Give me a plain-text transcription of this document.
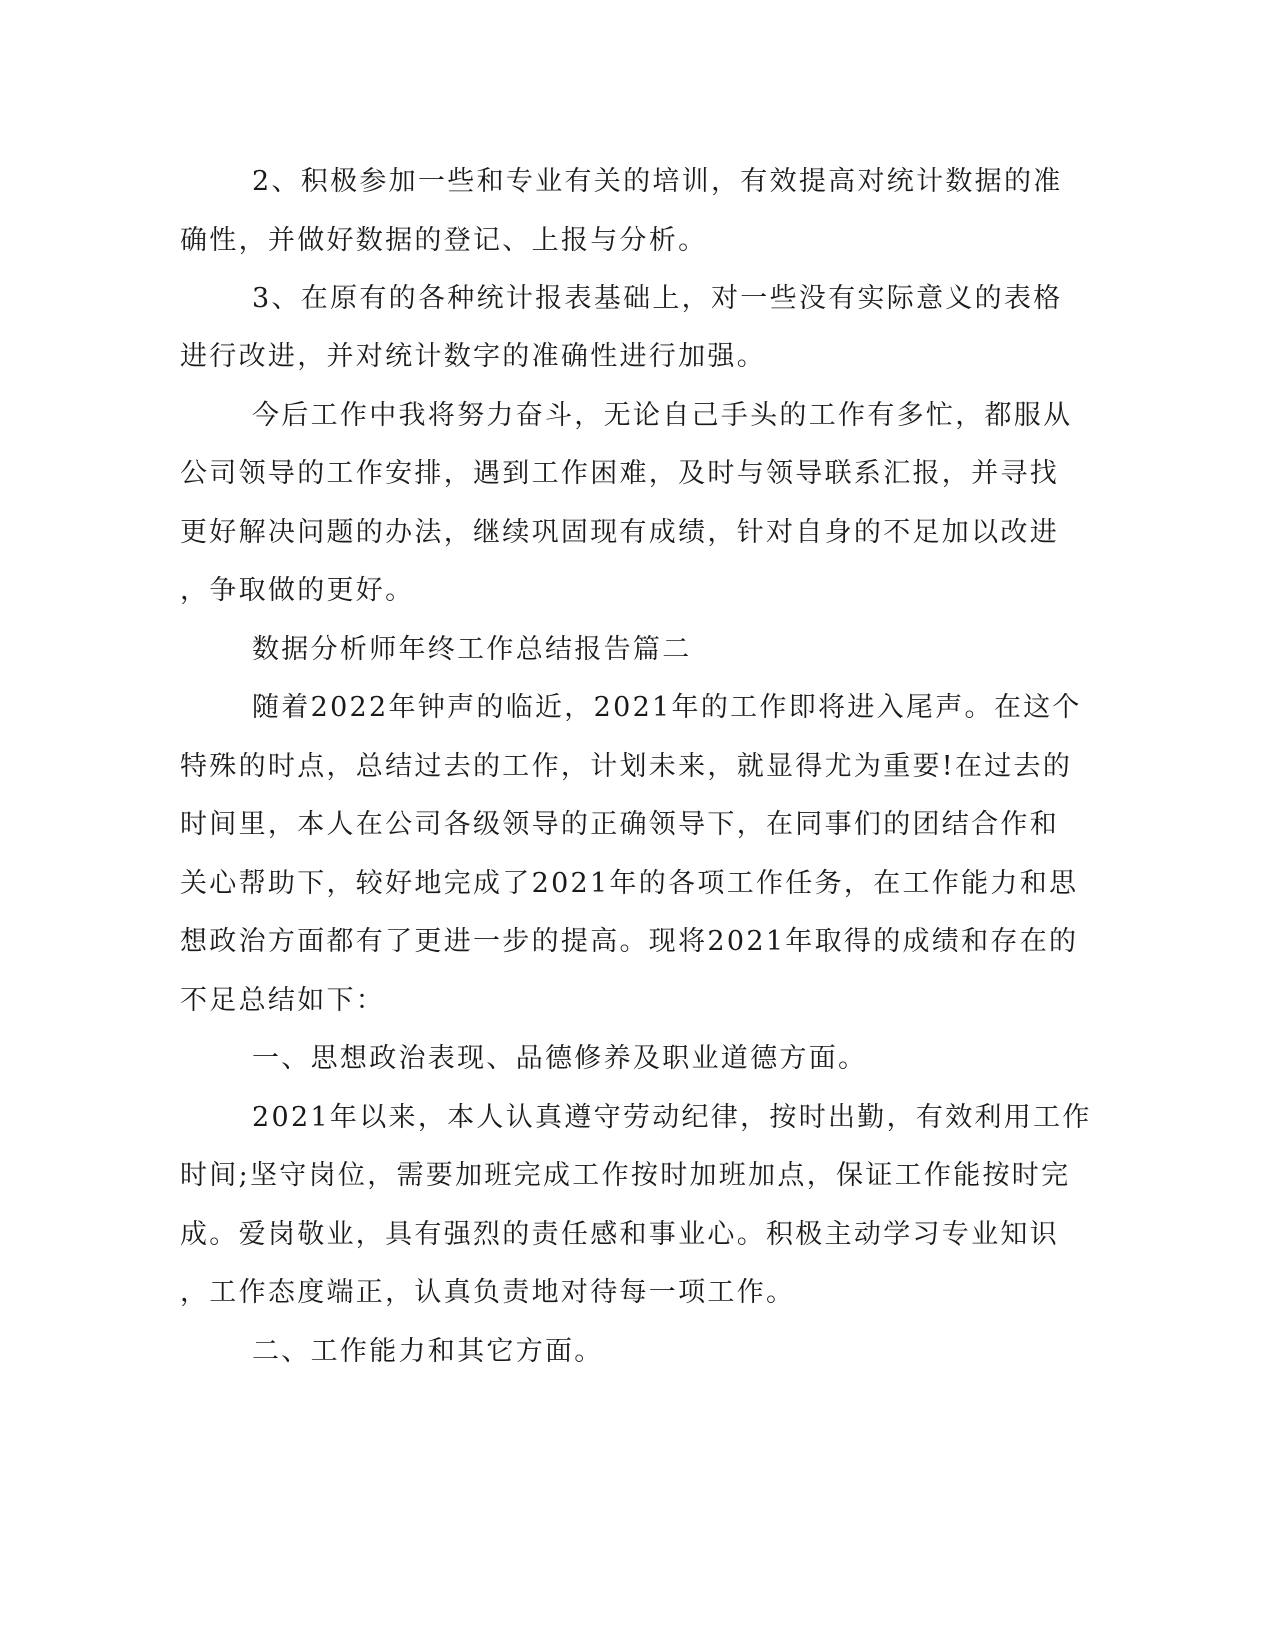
2、积极参加一些和专业有关的培训，有效提高对统计数据的准
确性，并做好数据的登记、上报与分析。
3、在原有的各种统计报表基础上，对一些没有实际意义的表格
进行改进，并对统计数字的准确性进行加强。
今后工作中我将努力奋斗，无论自己手头的工作有多忙，都服从
公司领导的工作安排，遇到工作困难，及时与领导联系汇报，并寻找
更好解决问题的办法，继续巩固现有成绩，针对自身的不足加以改进
，争取做的更好。
数据分析师年终工作总结报告篇二
随着2022年钟声的临近，2021年的工作即将进入尾声。在这个
特殊的时点，总结过去的工作，计划未来，就显得尤为重要!在过去的
时间里，本人在公司各级领导的正确领导下，在同事们的团结合作和
关心帮助下，较好地完成了2021年的各项工作任务，在工作能力和思
想政治方面都有了更进一步的提高。现将2021年取得的成绩和存在的
不足总结如下：
一、思想政治表现、品德修养及职业道德方面。
2021年以来，本人认真遵守劳动纪律，按时出勤，有效利用工作
时间;坚守岗位，需要加班完成工作按时加班加点，保证工作能按时完
成。爱岗敬业，具有强烈的责任感和事业心。积极主动学习专业知识
，工作态度端正，认真负责地对待每一项工作。
二、工作能力和其它方面。
